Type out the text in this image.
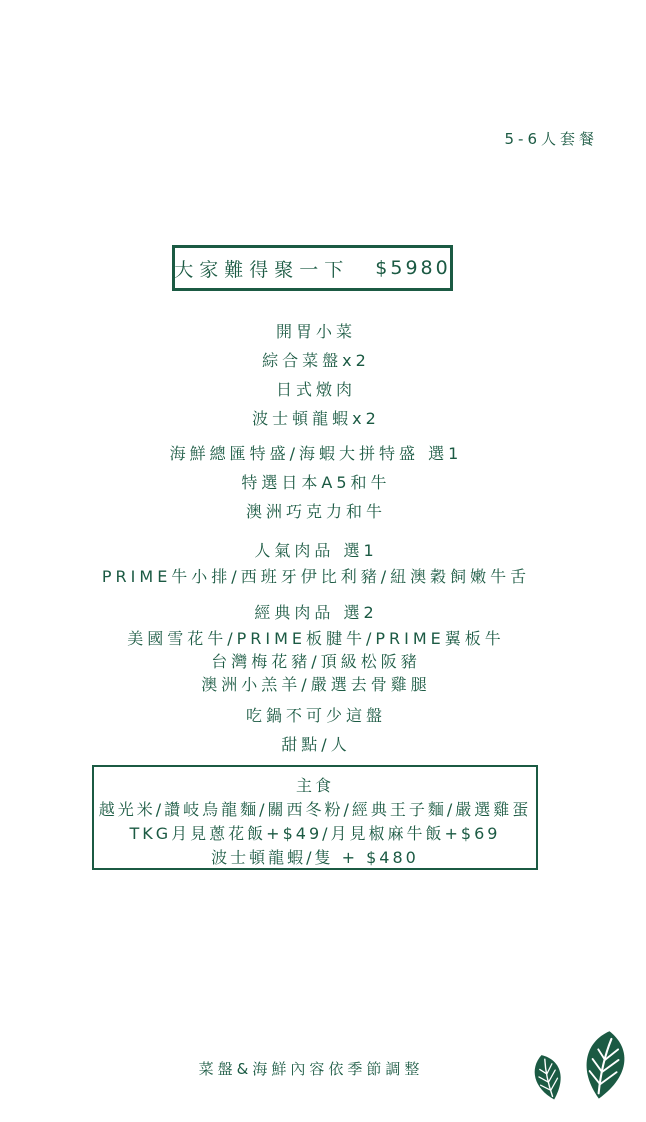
5-6人套餐
大家難得聚一下 $5980
開胃小菜
綜合菜盤x2
日式燉肉
波士頓龍蝦x2
海鮮總匯特盛/海蝦大拼特盛 選1
特選日本A5和牛
澳洲巧克力和牛
人氣肉品 選1
PRIME牛小排/西班牙伊比利豬/紐澳穀飼嫩牛舌
經典肉品 選2
美國雪花牛/PRIME板腱牛/PRIME翼板牛
台灣梅花豬/頂級松阪豬
澳洲小羔羊/嚴選去骨雞腿
吃鍋不可少這盤
甜點/人
主食
越光米/讚岐烏龍麵/關西冬粉/經典王子麵/嚴選雞蛋
TKG月見蔥花飯+$49/月見椒麻牛飯+$69
波士頓龍蝦/隻 + $480
菜盤&海鮮內容依季節調整
